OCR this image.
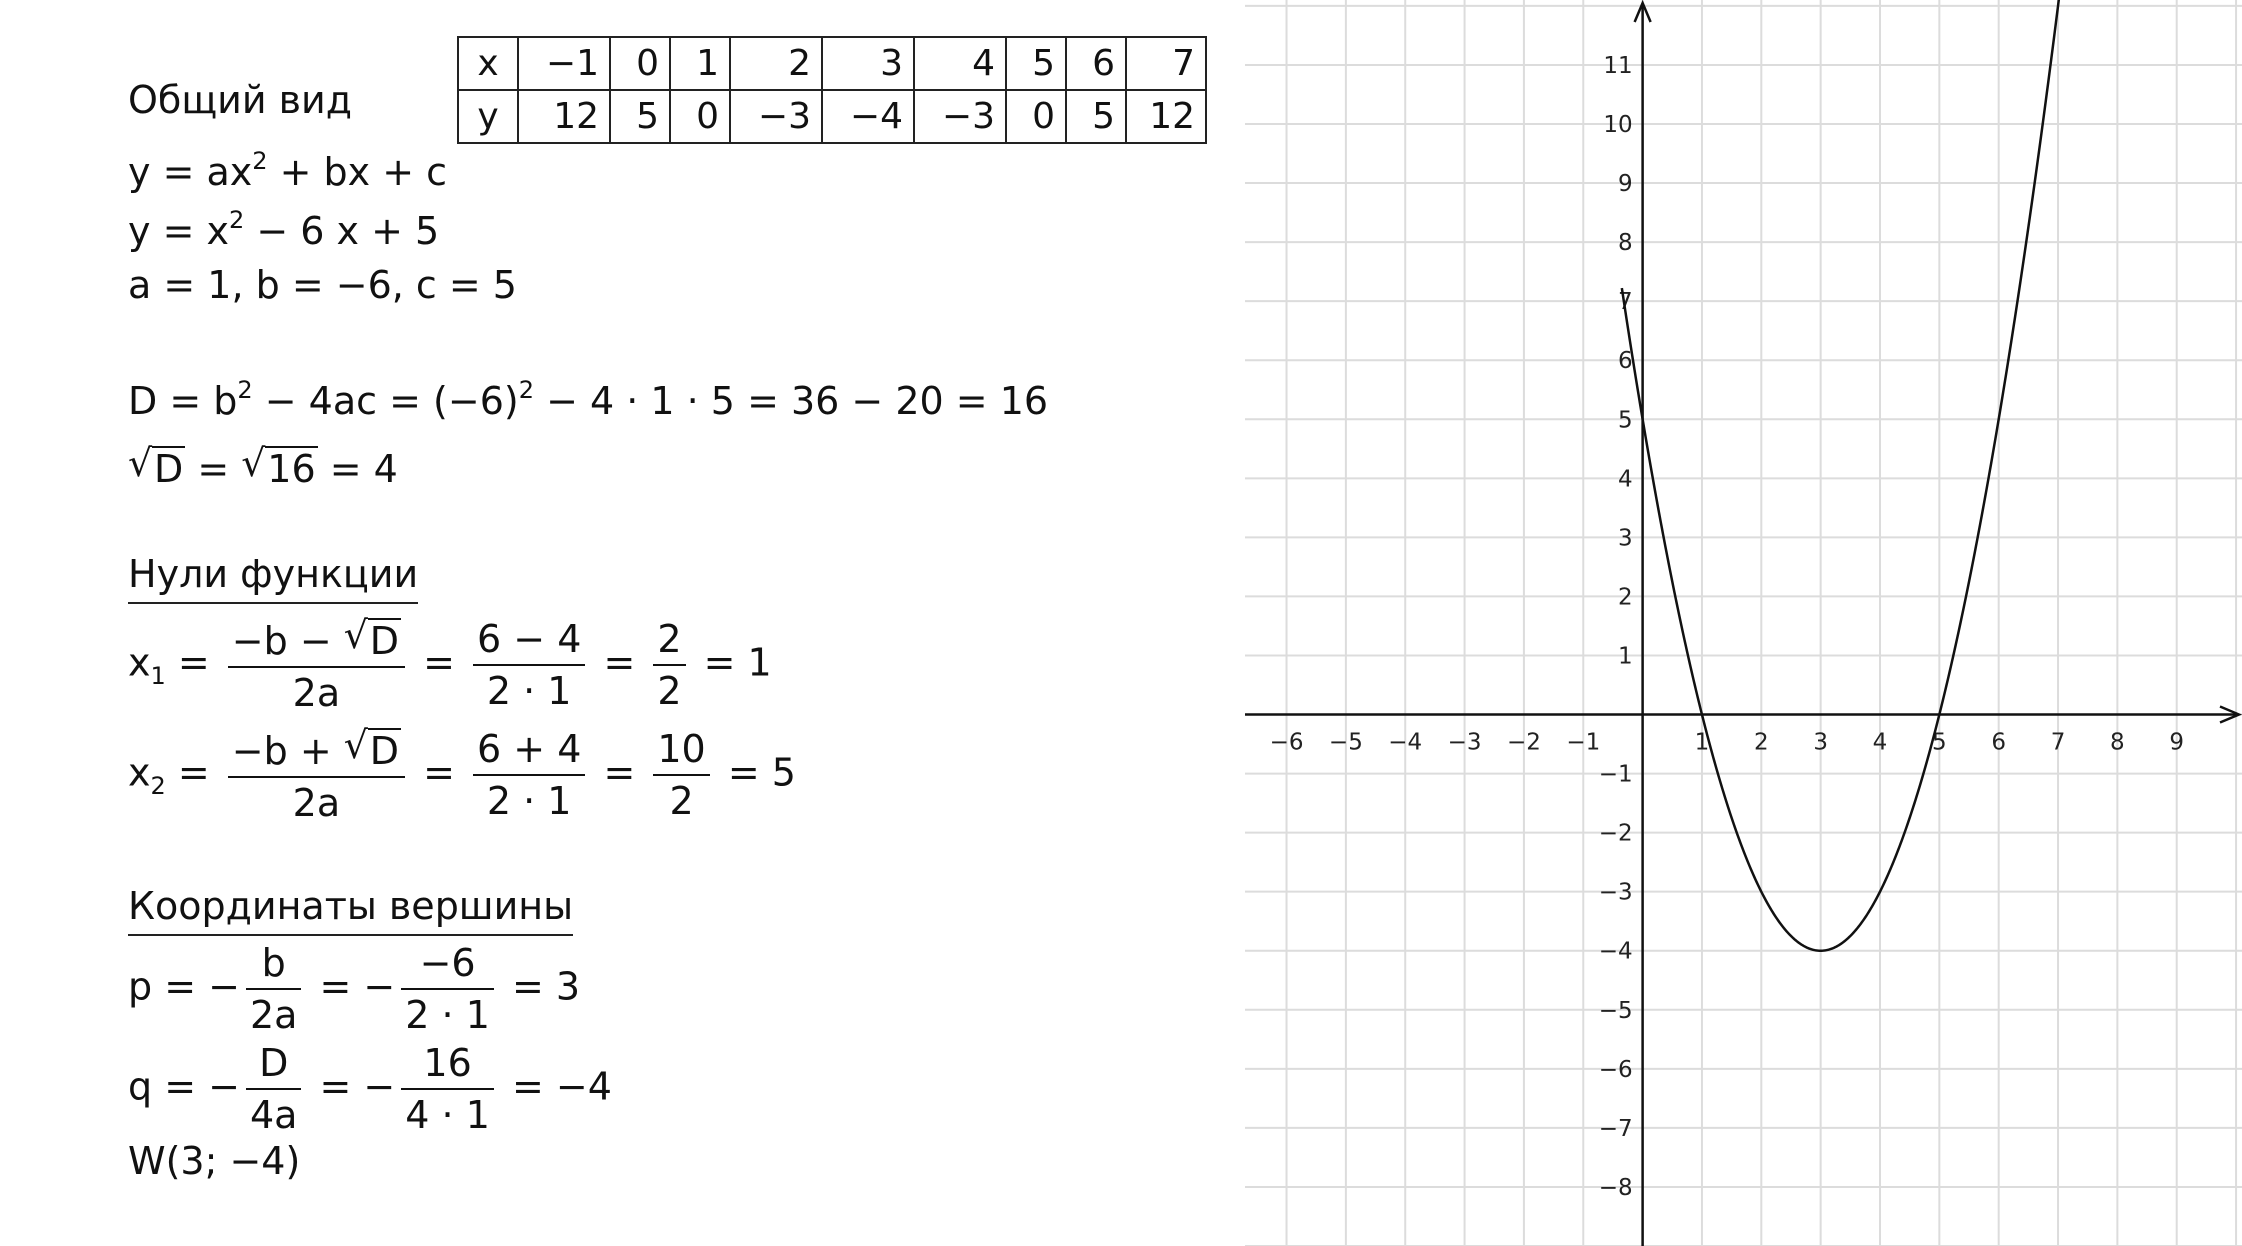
x	−1	0	1	2	3	4	5	6	7
y	12	5	0	−3	−4	−3	0	5	12
Общий вид
$y = ax^2$ + bx + c
$y = x^2 - 6$ x + 5
a = 1, b = −6, c = 5
$D = b^2 - 4ac = (-6)^2 - 4 \cdot 1 \cdot 5 = 36 - 20 = 16$
√ D = √ 16 = 4
Нули функции
$x_1 = \frac{-b - √ D}{2a} = \frac{6 - 4}{2 \cdot 1} = \frac{2}{2} = 1$
$x_2 = \frac{-b + √ D}{2a} = \frac{6 + 4}{2 \cdot 1} = \frac{10}{2} = 5$
Координаты вершины
p = − $\frac{b}{2a}$ = − $\frac{-6}{2 \cdot 1} = 3$
q = − $\frac{D}{4a}$ = − $\frac{16}{4 \cdot 1} = -4$
W(3; −4)
−6 −5 −4 −3 −2 −1	1 2 3 4 5 6 7 8 9
11
10
9
8
7
6
5
4
3
2
1
−1
−2
−3
−4
−5
−6
−7
−8
